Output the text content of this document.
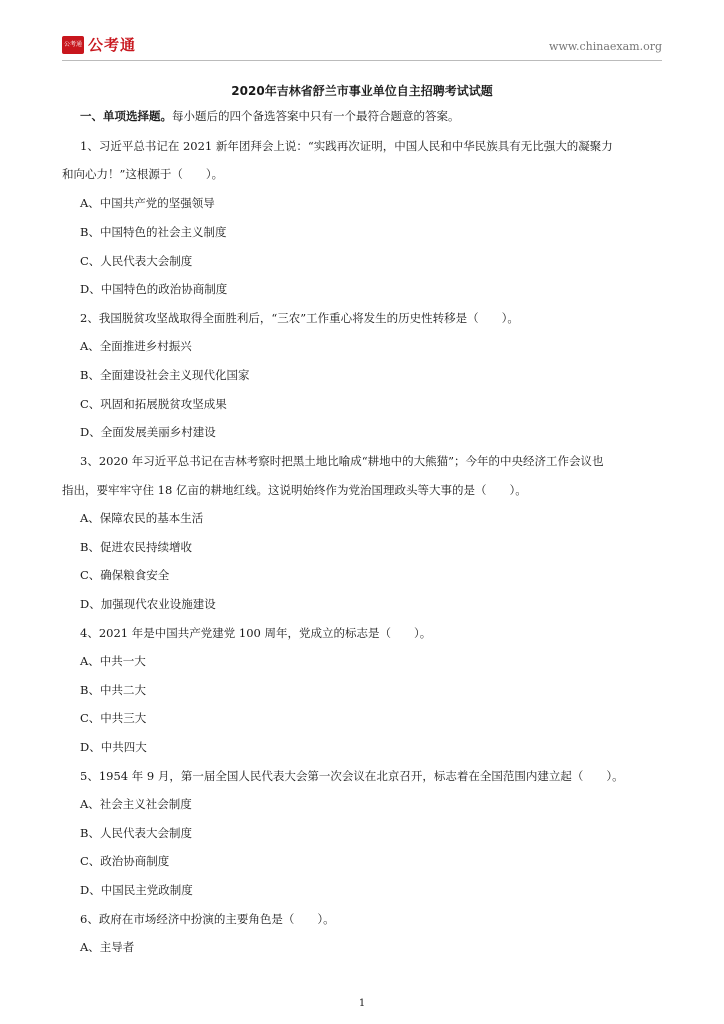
公考通 公考通	www.chinaexam.org
2020年吉林省舒兰市事业单位自主招聘考试试题
一、单项选择题。每小题后的四个备选答案中只有一个最符合题意的答案。
1、习近平总书记在 2021 新年团拜会上说：“实践再次证明，中国人民和中华民族具有无比强大的凝聚力
和向心力！”这根源于（　　）。
A、中国共产党的坚强领导
B、中国特色的社会主义制度
C、人民代表大会制度
D、中国特色的政治协商制度
2、我国脱贫攻坚战取得全面胜利后，“三农”工作重心将发生的历史性转移是（　　）。
A、全面推进乡村振兴
B、全面建设社会主义现代化国家
C、巩固和拓展脱贫攻坚成果
D、全面发展美丽乡村建设
3、2020 年习近平总书记在吉林考察时把黑土地比喻成“耕地中的大熊猫”；今年的中央经济工作会议也
指出，要牢牢守住 18 亿亩的耕地红线。这说明始终作为党治国理政头等大事的是（　　）。
A、保障农民的基本生活
B、促进农民持续增收
C、确保粮食安全
D、加强现代农业设施建设
4、2021 年是中国共产党建党 100 周年，党成立的标志是（　　）。
A、中共一大
B、中共二大
C、中共三大
D、中共四大
5、1954 年 9 月，第一届全国人民代表大会第一次会议在北京召开，标志着在全国范围内建立起（　　）。
A、社会主义社会制度
B、人民代表大会制度
C、政治协商制度
D、中国民主党政制度
6、政府在市场经济中扮演的主要角色是（　　）。
A、主导者
1
